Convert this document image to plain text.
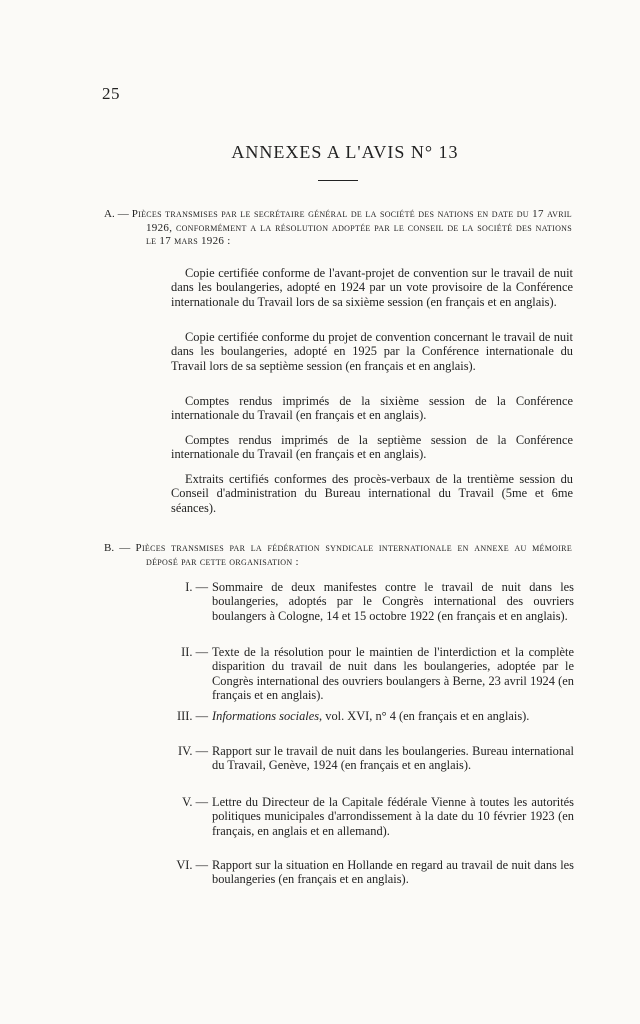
25
ANNEXES A L'AVIS N° 13
A. — Pièces transmises par le secrétaire général de la société des nations en date du 17 avril 1926, conformément a la résolution adoptée par le conseil de la société des nations le 17 mars 1926 :
Copie certifiée conforme de l'avant-projet de convention sur le travail de nuit dans les boulangeries, adopté en 1924 par un vote provisoire de la Conférence internationale du Travail lors de sa sixième session (en français et en anglais).
Copie certifiée conforme du projet de convention concernant le travail de nuit dans les boulangeries, adopté en 1925 par la Conférence internationale du Travail lors de sa septième session (en français et en anglais).
Comptes rendus imprimés de la sixième session de la Conférence internationale du Travail (en français et en anglais).
Comptes rendus imprimés de la septième session de la Conférence internationale du Travail (en français et en anglais).
Extraits certifiés conformes des procès-verbaux de la trentième session du Conseil d'administration du Bureau international du Travail (5me et 6me séances).
B. — Pièces transmises par la fédération syndicale internationale en annexe au mémoire déposé par cette organisation :
I. — Sommaire de deux manifestes contre le travail de nuit dans les boulangeries, adoptés par le Congrès international des ouvriers boulangers à Cologne, 14 et 15 octobre 1922 (en français et en anglais).
II. — Texte de la résolution pour le maintien de l'interdiction et la complète disparition du travail de nuit dans les boulangeries, adoptée par le Congrès international des ouvriers boulangers à Berne, 23 avril 1924 (en français et en anglais).
III. — Informations sociales, vol. XVI, n° 4 (en français et en anglais).
IV. — Rapport sur le travail de nuit dans les boulangeries. Bureau international du Travail, Genève, 1924 (en français et en anglais).
V. — Lettre du Directeur de la Capitale fédérale Vienne à toutes les autorités politiques municipales d'arrondissement à la date du 10 février 1923 (en français, en anglais et en allemand).
VI. — Rapport sur la situation en Hollande en regard au travail de nuit dans les boulangeries (en français et en anglais).
